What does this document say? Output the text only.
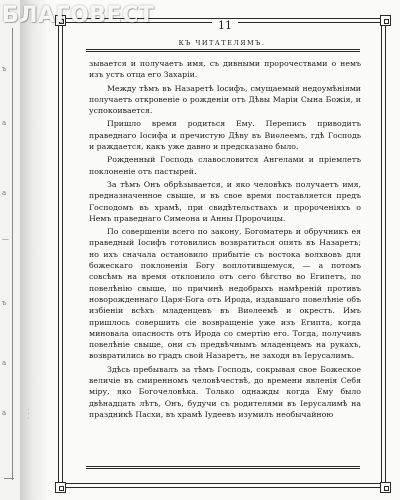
ъ
а
а
—
ъ
а
а	· · ·
БЛАГОВЕСТ	11
КЪ ЧИТАТЕЛЯМЪ.

зывается и получаетъ имя, съ дивными пророчествами о немъ изъ устъ отца его Захаріи.

Между тѣмъ въ Назаретѣ Іосифъ, смущаемый недоумѣніями получаетъ откровеніе о рожденіи отъ Дѣвы Маріи Сына Божія, и успокоивается.

Пришло время родиться Ему. Переписъ приводитъ праведнаго Іосифа и пречистую Дѣву въ Виѳлеемъ, гдѣ Господь и раждается, какъ уже давно и предсказано было.

Рожденный Господь славословится Ангелами и пріемлетъ поклоненіе отъ пастырей.

За тѣмъ Онъ обрѣзывается, и яко человѣкъ получаетъ имя, предназначенное свыше, и въ свое время поставляется предъ Господомъ въ храмѣ, при свидѣтельствахъ и пророченіяхъ о Немъ праведнаго Симеона и Анны Пророчицы.

По совершеніи всего по закону, Богоматерь и обручникъ ея праведный Іосифъ готовились возвратиться опять въ Назаретъ; но ихъ сначала остановило прибытіе съ востока волхвовъ для божескаго поклоненія Богу воплотившемуся, — а потомъ совсѣмъ на время отклонило отъ сего бѣгство во Египетъ, по повелѣнію свыше, по причинѣ недобрыхъ намѣреній противъ новорожденнаго Царя-Бога отъ Ирода, издавшаго повелѣніе объ избіеніи всѣхъ младенцевъ въ Виѳлеемѣ и окрестъ. Имъ пришлось совершить сіе возвращеніе уже изъ Египта, когда миновала опасность отъ Ирода со смертію его. Тогда, получивъ повелѣніе свыше, они съ предвѣчнымъ младенцемъ на рукахъ, возвратились во градъ свой Назаретъ, не заходя въ Іерусалимъ.

Здѣсь пребывалъ за тѣмъ Господь, сокрывая свое Божеское величіе въ смиренномъ человѣчествѣ, до времени явленія Себя міру, яко Богочеловѣка. Только однажды когда Ему было двѣнадцать лѣтъ, Онъ, будучи съ родителями въ Іерусалимѣ на праздникѣ Пасхи, въ храмѣ Іудеевъ изумилъ необычайною
